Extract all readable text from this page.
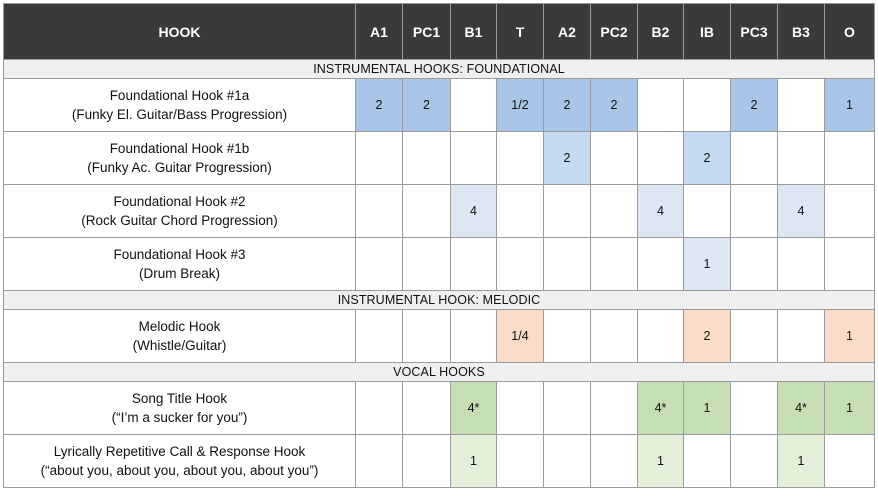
HOOK	A1	PC1	B1	T	A2	PC2	B2	IB	PC3	B3	O
INSTRUMENTAL HOOKS: FOUNDATIONAL											

Foundational Hook #1a
(Funky El. Guitar/Bass Progression)	2	2		1/2	2	2			2		1

Foundational Hook #1b
(Funky Ac. Guitar Progression)					2			2			

Foundational Hook #2
(Rock Guitar Chord Progression)			4				4			4	

Foundational Hook #3
(Drum Break)								1			
INSTRUMENTAL HOOK: MELODIC											

Melodic Hook
(Whistle/Guitar)				1/4				2			1
VOCAL HOOKS											

Song Title Hook
(“I’m a sucker for you”)			4*				4*	1		4*	1

Lyrically Repetitive Call & Response Hook
(“about you, about you, about you, about you”)			1				1			1	
